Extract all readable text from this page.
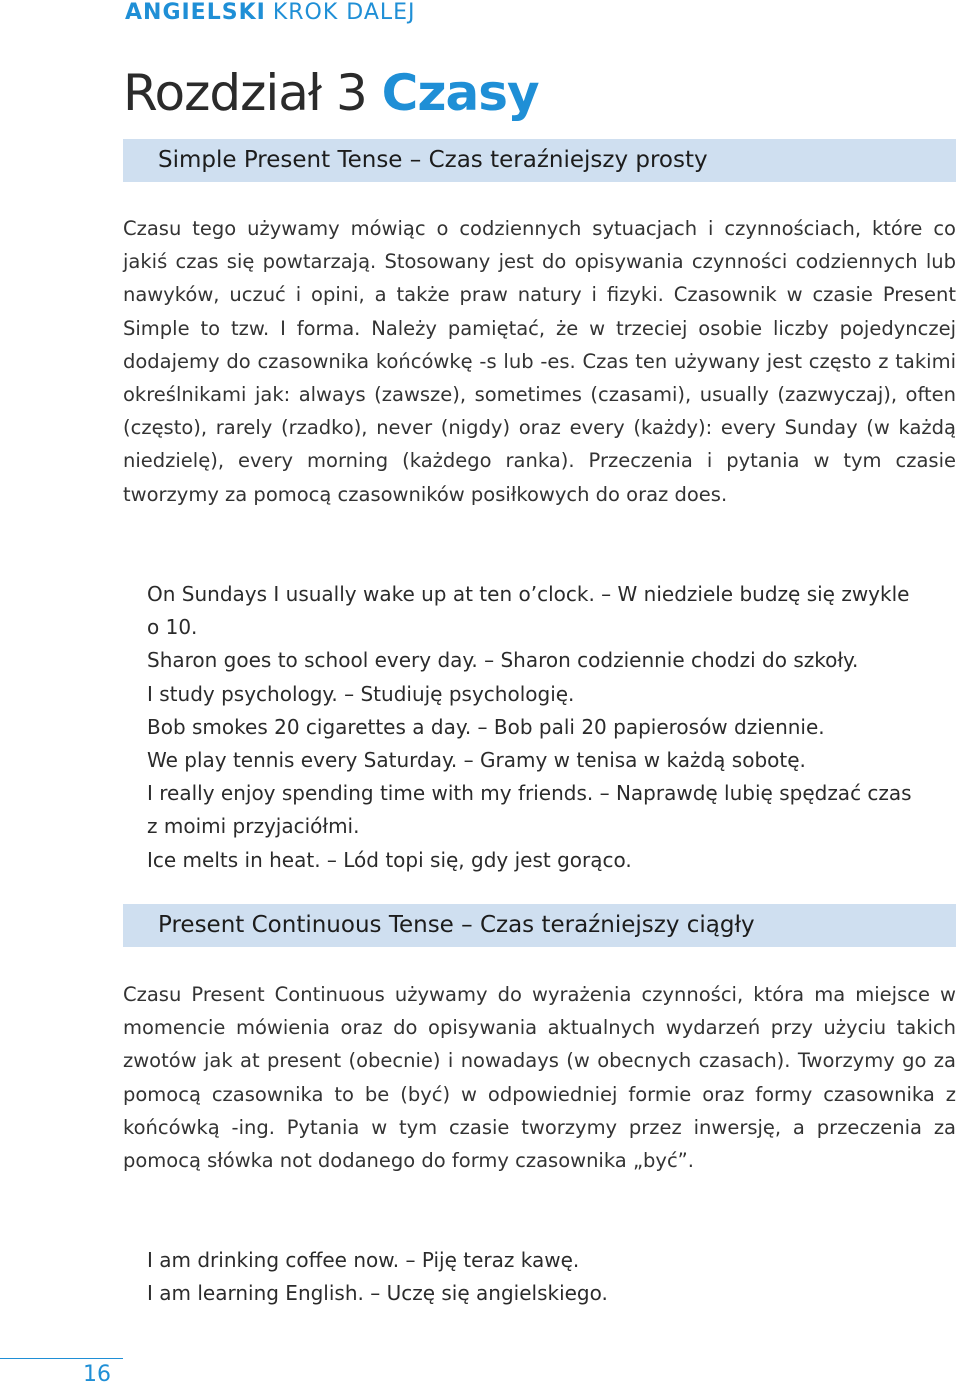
ANGIELSKI KROK DALEJ
Rozdział 3 Czasy
Simple Present Tense – Czas teraźniejszy prosty

Czasu tego używamy mówiąc o codziennych sytuacjach i czynnościach, które co jakiś czas się powtarzają. Stosowany jest do opisywania czynności codziennych lub nawyków, uczuć i opini, a także praw natury i fizyki. Czasownik w czasie Present Simple to tzw. I forma. Należy pamiętać, że w trzeciej osobie liczby pojedynczej dodajemy do czasownika końcówkę -s lub -es. Czas ten używany jest często z takimi określnikami jak: always (zawsze), sometimes (czasami), usually (zazwyczaj), often (często), rarely (rzadko), never (nigdy) oraz every (każdy): every Sunday (w każdą niedzielę), every morning (każdego ranka). Przeczenia i pytania w tym czasie tworzymy za pomocą czasowników posiłkowych do oraz does.

On Sundays I usually wake up at ten o’clock. – W niedziele budzę się zwykle o 10.
Sharon goes to school every day. – Sharon codziennie chodzi do szkoły.
I study psychology. – Studiuję psychologię.
Bob smokes 20 cigarettes a day. – Bob pali 20 papierosów dziennie.
We play tennis every Saturday. – Gramy w tenisa w każdą sobotę.
I really enjoy spending time with my friends. – Naprawdę lubię spędzać czas z moimi przyjaciółmi.
Ice melts in heat. – Lód topi się, gdy jest gorąco.
Present Continuous Tense – Czas teraźniejszy ciągły

Czasu Present Continuous używamy do wyrażenia czynności, która ma miejsce w momencie mówienia oraz do opisywania aktualnych wydarzeń przy użyciu takich zwotów jak at present (obecnie) i nowadays (w obecnych czasach). Tworzymy go za pomocą czasownika to be (być) w odpowiedniej formie oraz formy czasownika z końcówką -ing. Pytania w tym czasie tworzymy przez inwersję, a przeczenia za pomocą słówka not dodanego do formy czasownika „być”.

I am drinking coffee now. – Piję teraz kawę.
I am learning English. – Uczę się angielskiego.
16
